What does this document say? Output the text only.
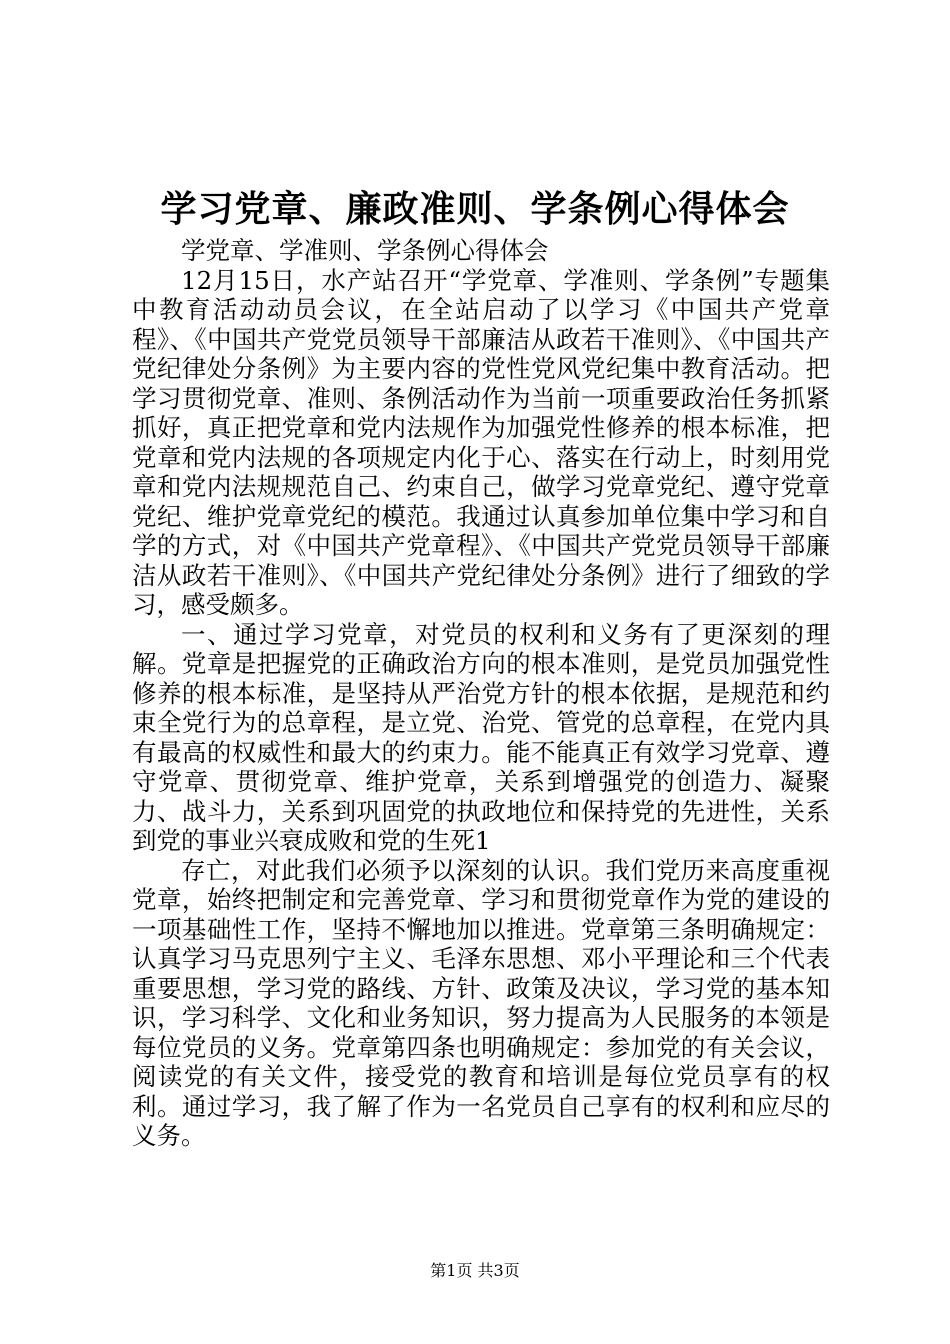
学习党章、廉政准则、学条例心得体会

学党章、学准则、学条例心得体会

12月15日，水产站召开“学党章、学准则、学条例”专题集中教育活动动员会议，在全站启动了以学习《中国共产党章程》、《中国共产党党员领导干部廉洁从政若干准则》、《中国共产党纪律处分条例》为主要内容的党性党风党纪集中教育活动。把学习贯彻党章、准则、条例活动作为当前一项重要政治任务抓紧抓好，真正把党章和党内法规作为加强党性修养的根本标准，把党章和党内法规的各项规定内化于心、落实在行动上，时刻用党章和党内法规规范自己、约束自己，做学习党章党纪、遵守党章党纪、维护党章党纪的模范。我通过认真参加单位集中学习和自学的方式，对《中国共产党章程》、《中国共产党党员领导干部廉洁从政若干准则》、《中国共产党纪律处分条例》进行了细致的学习，感受颇多。

一、通过学习党章，对党员的权利和义务有了更深刻的理解。党章是把握党的正确政治方向的根本准则，是党员加强党性修养的根本标准，是坚持从严治党方针的根本依据，是规范和约束全党行为的总章程，是立党、治党、管党的总章程，在党内具有最高的权威性和最大的约束力。能不能真正有效学习党章、遵守党章、贯彻党章、维护党章，关系到增强党的创造力、凝聚力、战斗力，关系到巩固党的执政地位和保持党的先进性，关系到党的事业兴衰成败和党的生死1

存亡，对此我们必须予以深刻的认识。我们党历来高度重视党章，始终把制定和完善党章、学习和贯彻党章作为党的建设的一项基础性工作，坚持不懈地加以推进。党章第三条明确规定：认真学习马克思列宁主义、毛泽东思想、邓小平理论和三个代表重要思想，学习党的路线、方针、政策及决议，学习党的基本知识，学习科学、文化和业务知识，努力提高为人民服务的本领是每位党员的义务。党章第四条也明确规定：参加党的有关会议，阅读党的有关文件，接受党的教育和培训是每位党员享有的权利。通过学习，我了解了作为一名党员自己享有的权利和应尽的义务。

第1页 共3页
